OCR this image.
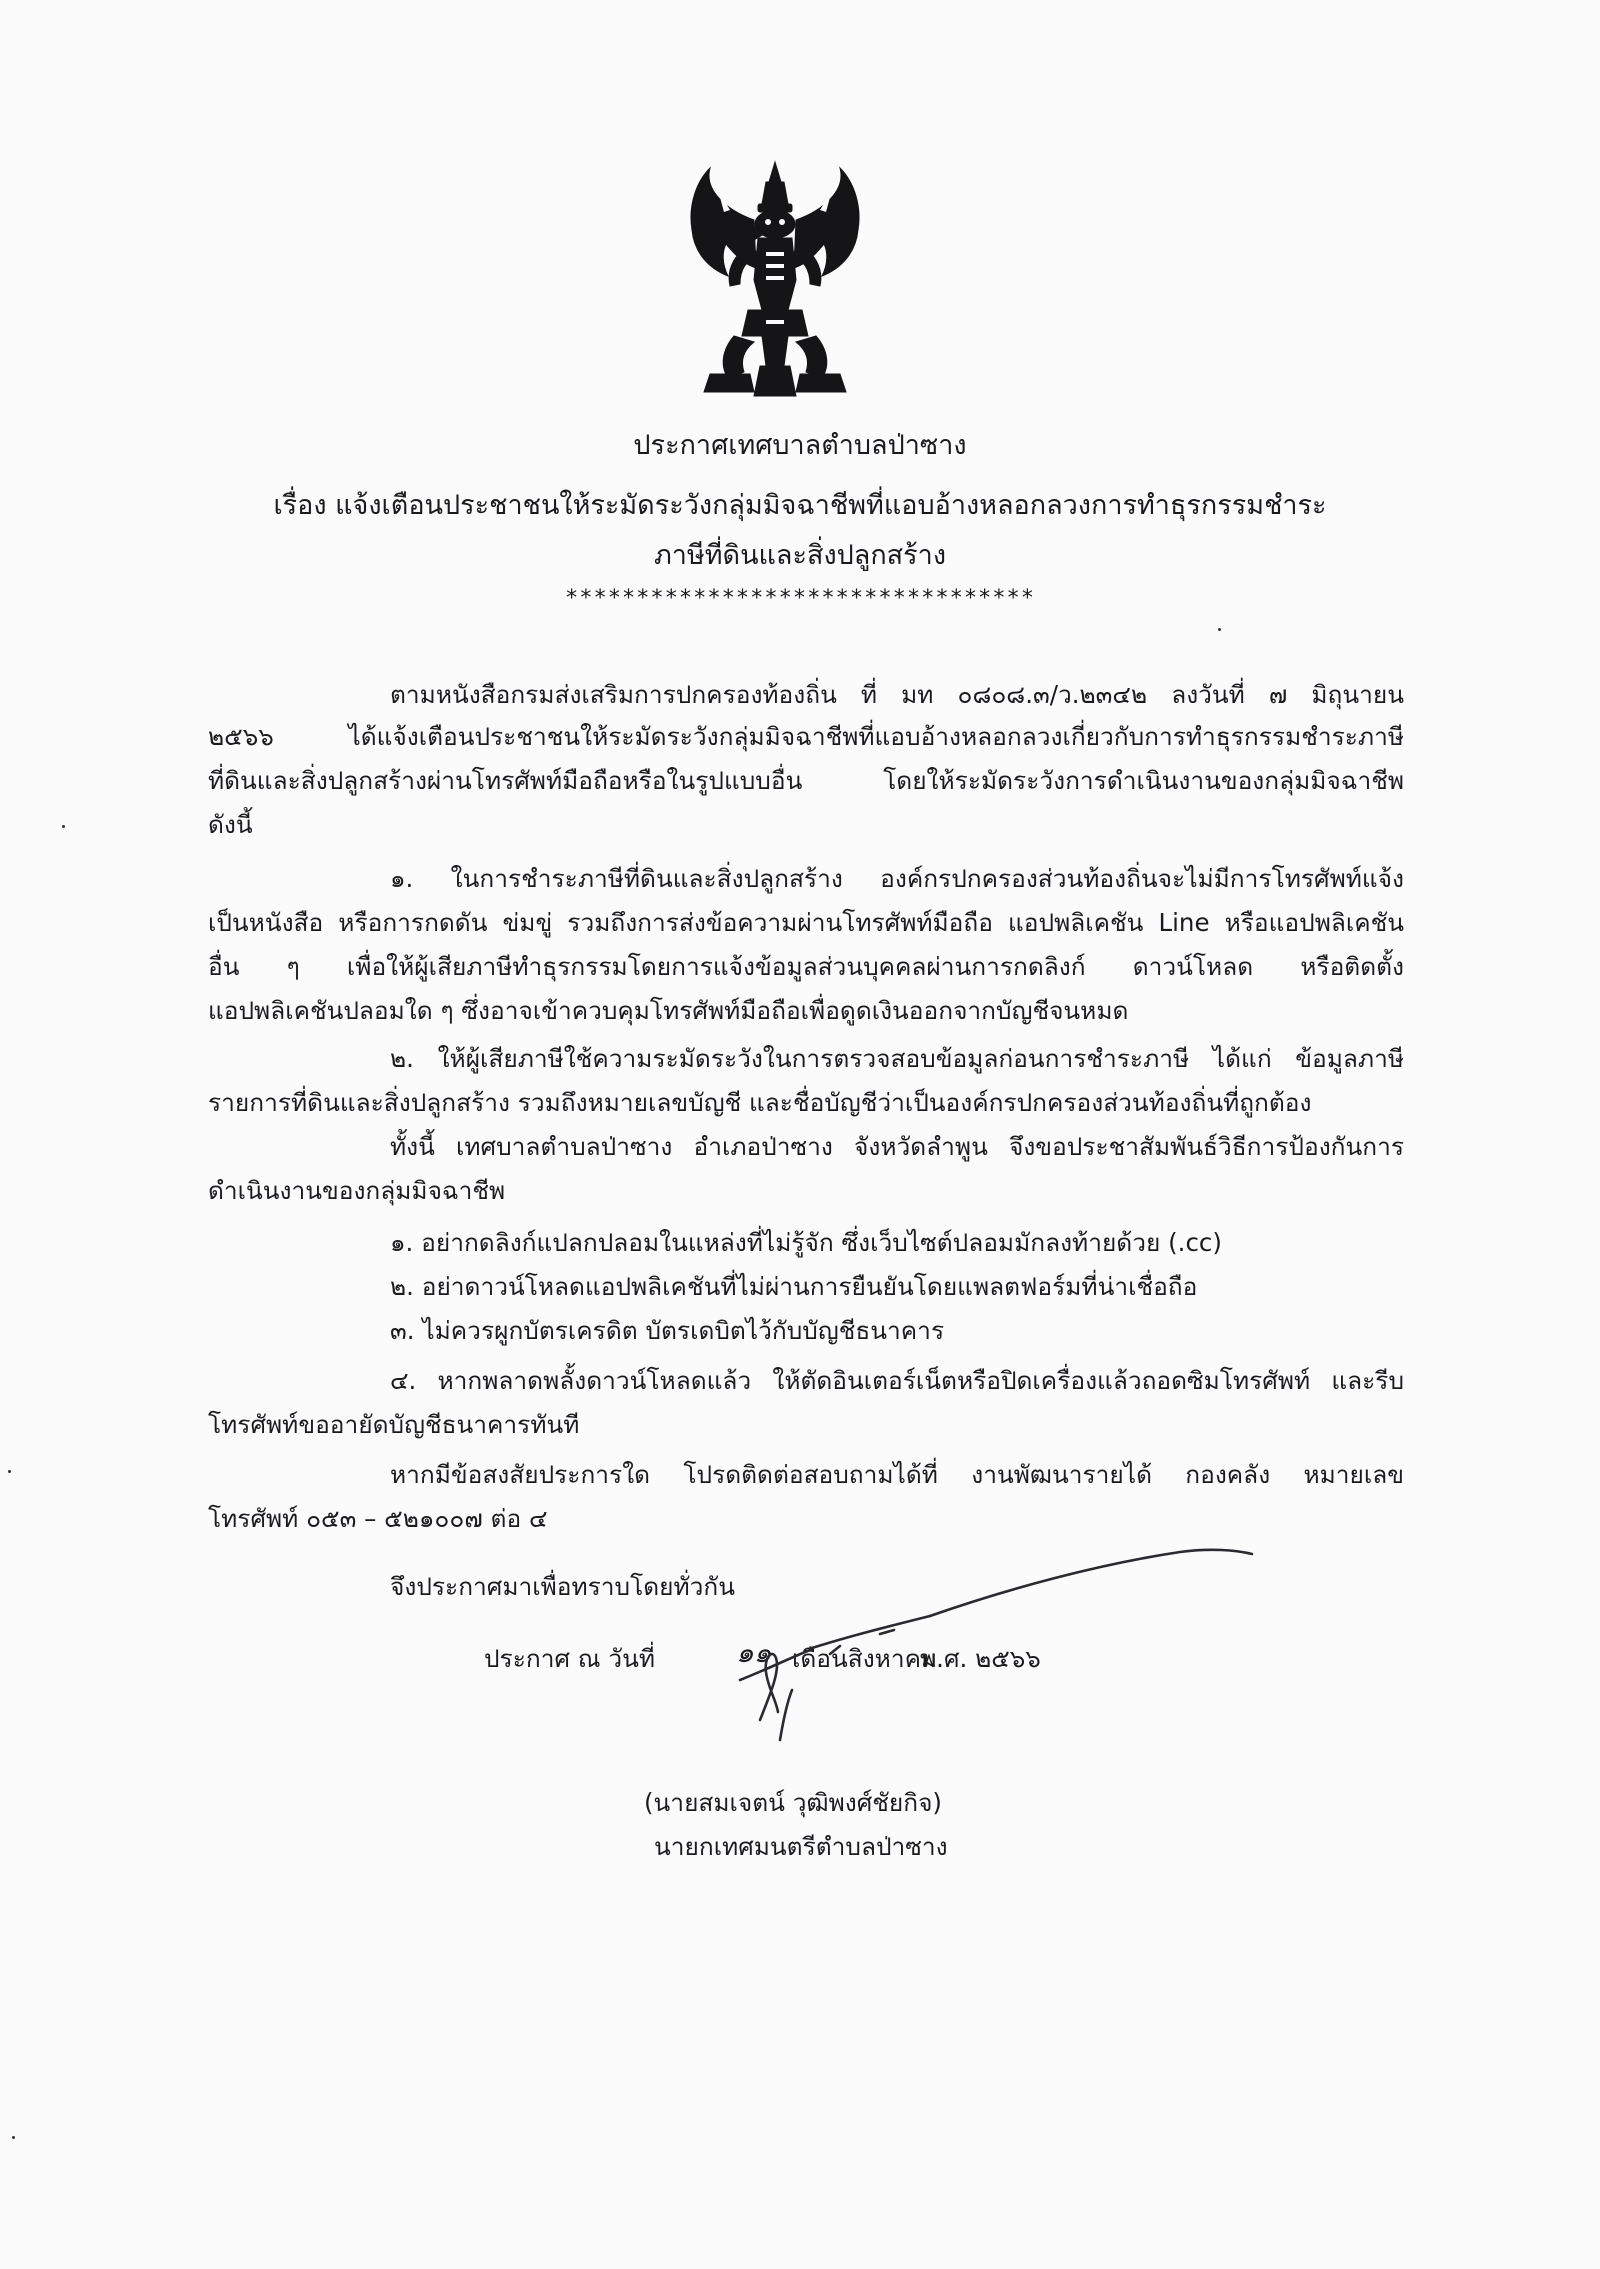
ประกาศเทศบาลตำบลป่าซาง
เรื่อง แจ้งเตือนประชาชนให้ระมัดระวังกลุ่มมิจฉาชีพที่แอบอ้างหลอกลวงการทำธุรกรรมชำระ
ภาษีที่ดินและสิ่งปลูกสร้าง
*********************************
ตามหนังสือกรมส่งเสริมการปกครองท้องถิ่น ที่ มท ๐๘๐๘.๓/ว.๒๓๔๒ ลงวันที่ ๗ มิถุนายน
๒๕๖๖ ได้แจ้งเตือนประชาชนให้ระมัดระวังกลุ่มมิจฉาชีพที่แอบอ้างหลอกลวงเกี่ยวกับการทำธุรกรรมชำระภาษี
ที่ดินและสิ่งปลูกสร้างผ่านโทรศัพท์มือถือหรือในรูปแบบอื่น โดยให้ระมัดระวังการดำเนินงานของกลุ่มมิจฉาชีพ
ดังนี้
๑. ในการชำระภาษีที่ดินและสิ่งปลูกสร้าง องค์กรปกครองส่วนท้องถิ่นจะไม่มีการโทรศัพท์แจ้ง
เป็นหนังสือ หรือการกดดัน ข่มขู่ รวมถึงการส่งข้อความผ่านโทรศัพท์มือถือ แอปพลิเคชัน Line หรือแอปพลิเคชัน
อื่น ๆ เพื่อให้ผู้เสียภาษีทำธุรกรรมโดยการแจ้งข้อมูลส่วนบุคคลผ่านการกดลิงก์ ดาวน์โหลด หรือติดตั้ง
แอปพลิเคชันปลอมใด ๆ ซึ่งอาจเข้าควบคุมโทรศัพท์มือถือเพื่อดูดเงินออกจากบัญชีจนหมด
๒. ให้ผู้เสียภาษีใช้ความระมัดระวังในการตรวจสอบข้อมูลก่อนการชำระภาษี ได้แก่ ข้อมูลภาษี
รายการที่ดินและสิ่งปลูกสร้าง รวมถึงหมายเลขบัญชี และชื่อบัญชีว่าเป็นองค์กรปกครองส่วนท้องถิ่นที่ถูกต้อง
ทั้งนี้ เทศบาลตำบลป่าซาง อำเภอป่าซาง จังหวัดลำพูน จึงขอประชาสัมพันธ์วิธีการป้องกันการ
ดำเนินงานของกลุ่มมิจฉาชีพ
๑. อย่ากดลิงก์แปลกปลอมในแหล่งที่ไม่รู้จัก ซึ่งเว็บไซต์ปลอมมักลงท้ายด้วย (.cc)
๒. อย่าดาวน์โหลดแอปพลิเคชันที่ไม่ผ่านการยืนยันโดยแพลตฟอร์มที่น่าเชื่อถือ
๓. ไม่ควรผูกบัตรเครดิต บัตรเดบิตไว้กับบัญชีธนาคาร
๔. หากพลาดพลั้งดาวน์โหลดแล้ว ให้ตัดอินเตอร์เน็ตหรือปิดเครื่องแล้วถอดซิมโทรศัพท์ และรีบ
โทรศัพท์ขออายัดบัญชีธนาคารทันที
หากมีข้อสงสัยประการใด โปรดติดต่อสอบถามได้ที่ งานพัฒนารายได้ กองคลัง หมายเลข
โทรศัพท์ ๐๕๓ – ๕๒๑๐๐๗ ต่อ ๔
จึงประกาศมาเพื่อทราบโดยทั่วกัน
ประกาศ ณ วันที่	๑๑ เดือนสิงหาคม
พ.ศ. ๒๕๖๖
(นายสมเจตน์ วุฒิพงศ์ชัยกิจ)
นายกเทศมนตรีตำบลป่าซาง
